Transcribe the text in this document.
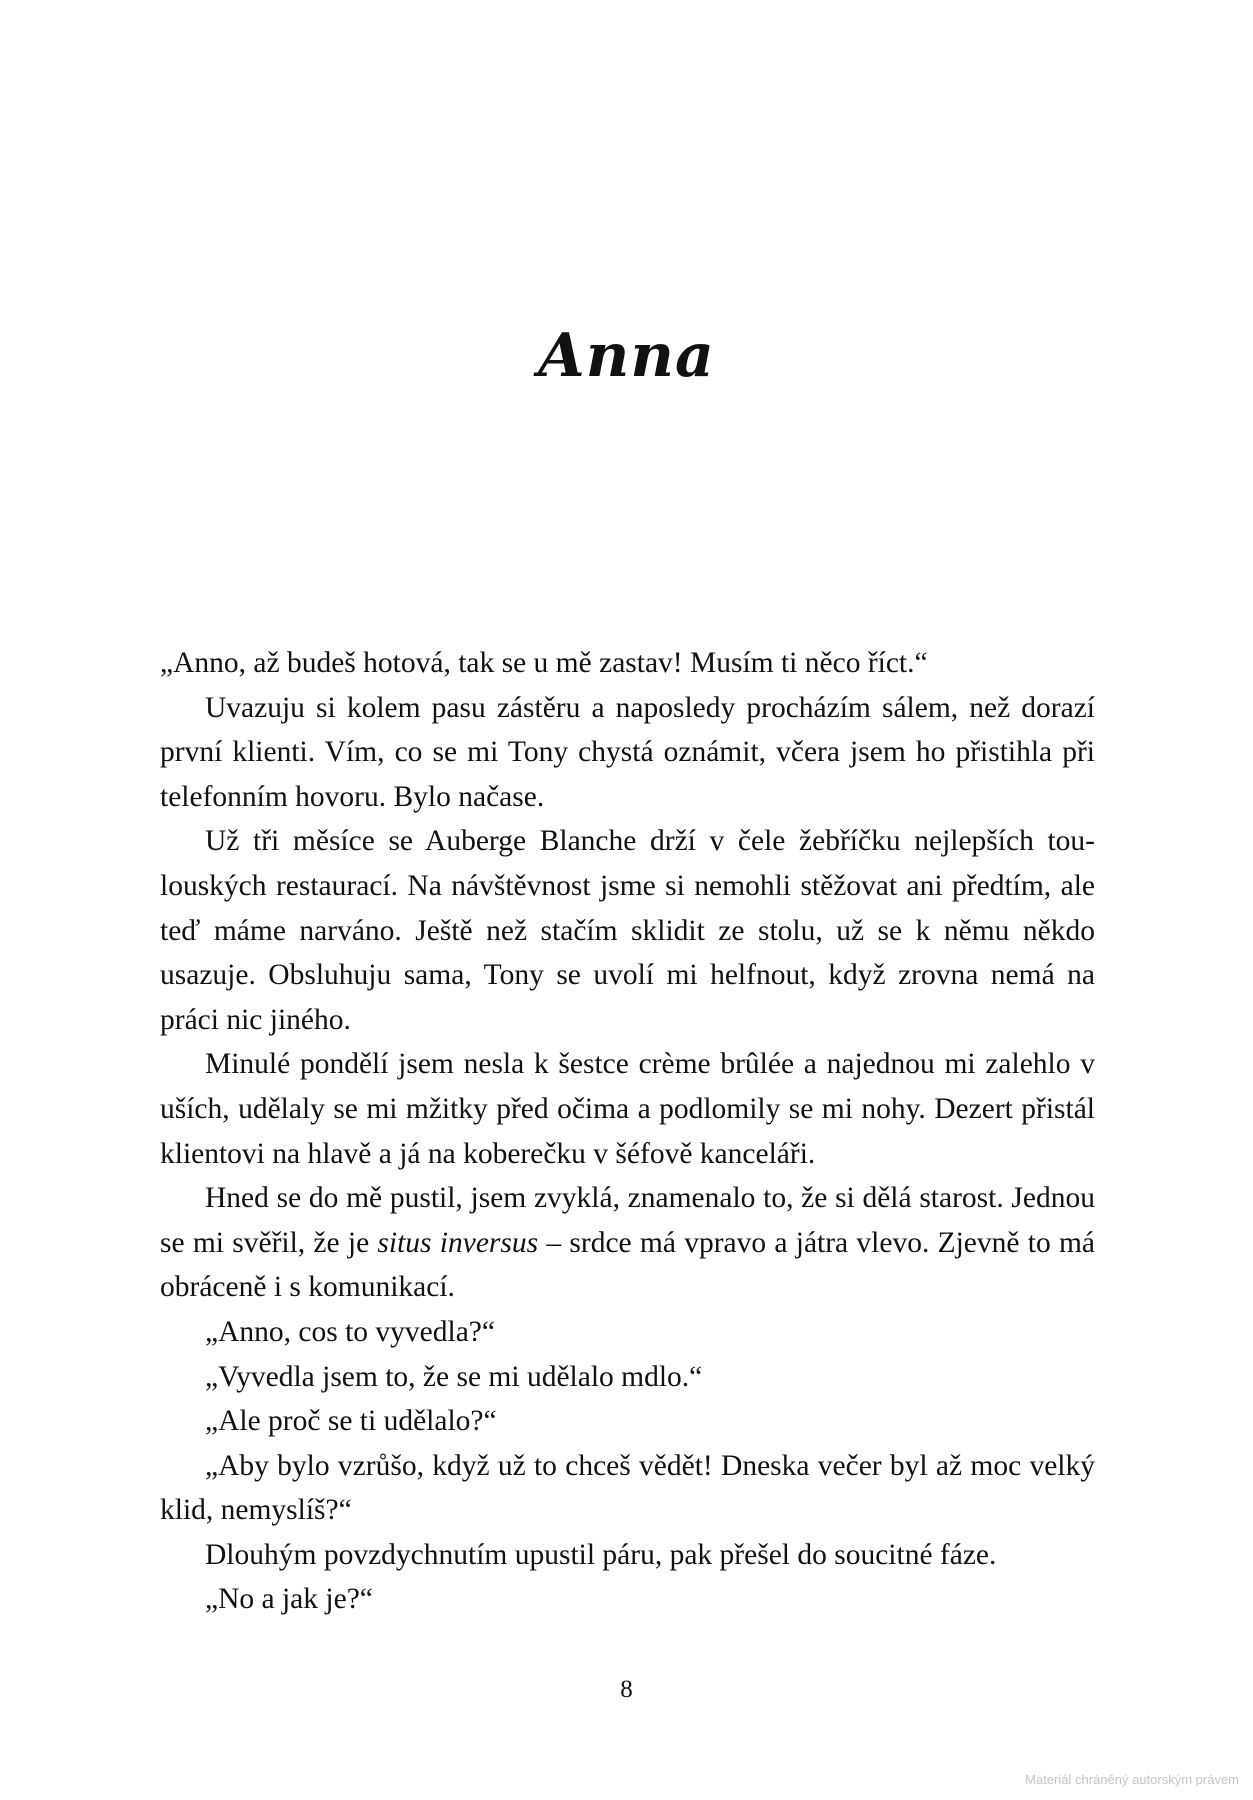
Anna

„Anno, až budeš hotová, tak se u mě zastav! Musím ti něco říct.“

Uvazuju si kolem pasu zástěru a naposledy procházím sálem, než dorazí první klienti. Vím, co se mi Tony chystá oznámit, včera jsem ho přistihla při telefonním hovoru. Bylo načase.

Už tři měsíce se Auberge Blanche drží v čele žebříčku nejlepších toulouských restaurací. Na návštěvnost jsme si nemohli stěžovat ani předtím, ale teď máme narváno. Ještě než stačím sklidit ze stolu, už se k němu někdo usazuje. Obsluhuju sama, Tony se uvolí mi helfnout, když zrovna nemá na práci nic jiného.

Minulé pondělí jsem nesla k šestce crème brûlée a najednou mi zalehlo v uších, udělaly se mi mžitky před očima a podlomily se mi nohy. Dezert přistál klientovi na hlavě a já na koberečku v šéfově kanceláři.

Hned se do mě pustil, jsem zvyklá, znamenalo to, že si dělá starost. Jednou se mi svěřil, že je situs inversus – srdce má vpravo a játra vlevo. Zjevně to má obráceně i s komunikací.

„Anno, cos to vyvedla?“

„Vyvedla jsem to, že se mi udělalo mdlo.“

„Ale proč se ti udělalo?“

„Aby bylo vzrůšo, když už to chceš vědět! Dneska večer byl až moc velký klid, nemyslíš?“

Dlouhým povzdychnutím upustil páru, pak přešel do soucitné fáze.

„No a jak je?“

8

Materiál chráněný autorským právem
